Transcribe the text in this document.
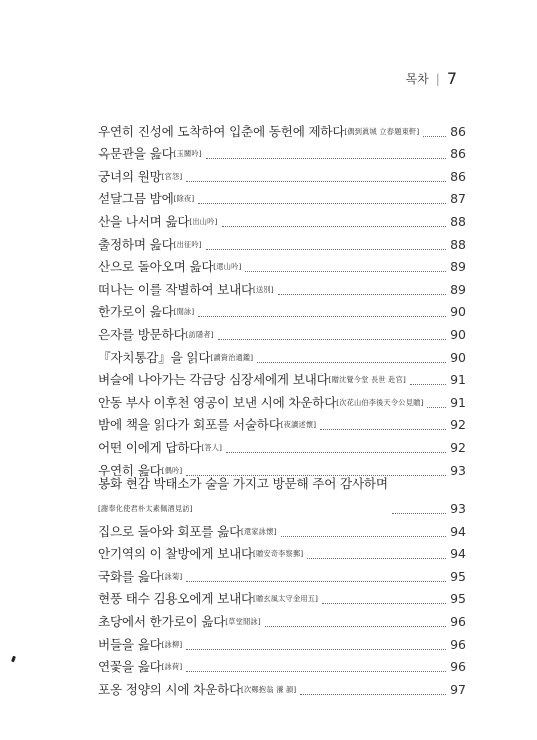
목차 | 7
우연히 진성에 도착하여 입춘에 동헌에 제하다 [偶到眞城 立春題東軒] 86
옥문관을 읊다 [玉關吟]	86
궁녀의 원망 [宮怨]	86
섣달그믐 밤에 [除夜]	87
산을 나서며 읊다 [出山吟]	88
출정하며 읊다 [出征吟]	88
산으로 돌아오며 읊다 [還山吟]	89
떠나는 이를 작별하여 보내다 [送別]	89
한가로이 읊다 [閒詠]	90
은자를 방문하다 [訪隱者]	90
『자치통감』을 읽다 [讀資治通鑑]	90
벼슬에 나아가는 각금당 심장세에게 보내다 [贈沈覺今堂 長世 赴官]	91
안동 부사 이후천 영공이 보낸 시에 차운하다 [次花山伯李後天令公見贈] 91
밤에 책을 읽다가 회포를 서술하다 [夜讀述懷]	92
어떤 이에게 답하다 [答人]	92
우연히 읊다 [偶吟]	93
봉화 현감 박태소가 술을 가지고 방문해 주어 감사하며
[謝奉化使君朴太素佩酒見訪]	93
집으로 돌아와 회포를 읊다 [還家詠懷]	94
안기역의 이 찰방에게 보내다 [贈安奇李察郵]	94
국화를 읊다 [詠菊]	95
현풍 태수 김용오에게 보내다 [贈玄風太守金用五]	95
초당에서 한가로이 읊다 [草堂閒詠]	96
버들을 읊다 [詠柳]	96
연꽃을 읊다 [詠荷]	96
포옹 정양의 시에 차운하다 [次鄭抱翁 瀁 韻]	97
